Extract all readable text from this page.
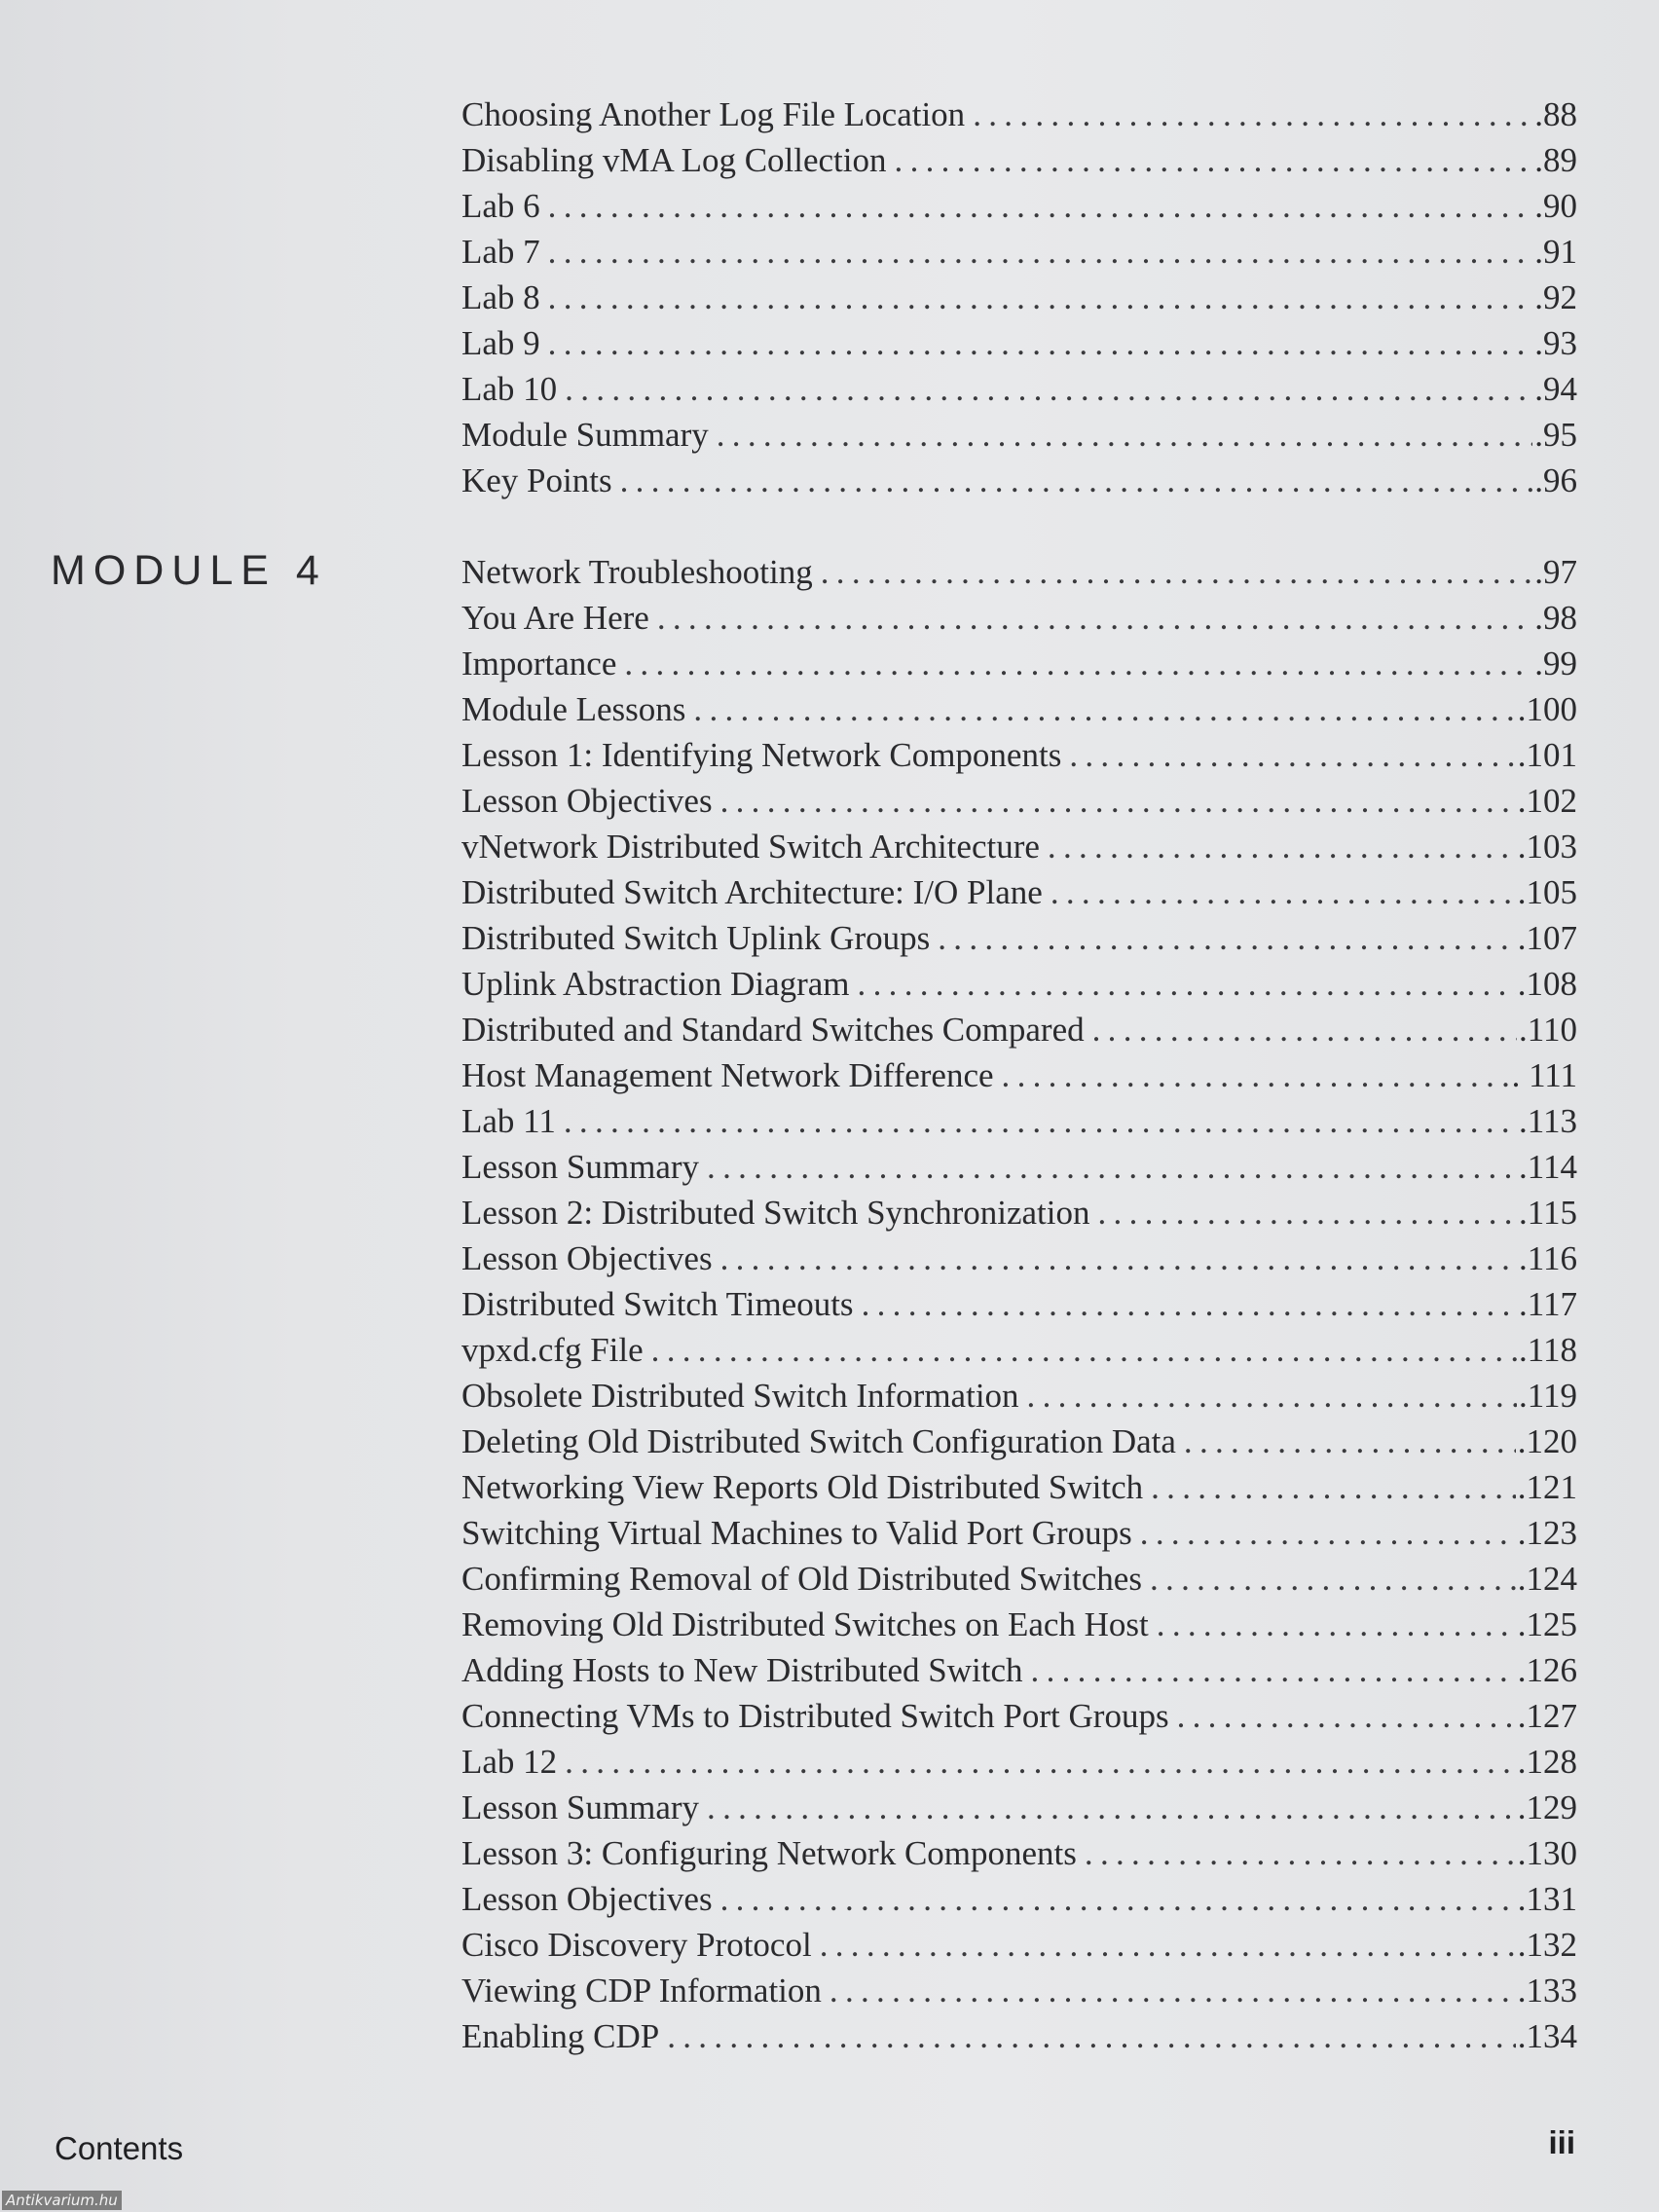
Choosing Another Log File Location .....	.88
Disabling vMA Log Collection .....	.89
Lab 6 .....	.90
Lab 7 .....	.91
Lab 8 .....	.92
Lab 9 .....	.93
Lab 10 .....	.94
Module Summary .....	.95
Key Points .....	.96
MODULE 4	Network Troubleshooting .....	.97
You Are Here .....	.98
Importance .....	.99
Module Lessons .....	.100
Lesson 1: Identifying Network Components .....	.101
Lesson Objectives .....	.102
vNetwork Distributed Switch Architecture .....	.103
Distributed Switch Architecture: I/O Plane .....	.105
Distributed Switch Uplink Groups .....	.107
Uplink Abstraction Diagram .....	.108
Distributed and Standard Switches Compared .....	.110
Host Management Network Difference .....	. 111
Lab 11 .....	.113
Lesson Summary .....	.114
Lesson 2: Distributed Switch Synchronization .....	.115
Lesson Objectives .....	.116
Distributed Switch Timeouts .....	.117
vpxd.cfg File .....	.118
Obsolete Distributed Switch Information .....	.119
Deleting Old Distributed Switch Configuration Data .....	.120
Networking View Reports Old Distributed Switch .....	.121
Switching Virtual Machines to Valid Port Groups .....	.123
Confirming Removal of Old Distributed Switches .....	.124
Removing Old Distributed Switches on Each Host .....	.125
Adding Hosts to New Distributed Switch .....	.126
Connecting VMs to Distributed Switch Port Groups .....	.127
Lab 12 .....	.128
Lesson Summary .....	.129
Lesson 3: Configuring Network Components .....	.130
Lesson Objectives .....	.131
Cisco Discovery Protocol .....	.132
Viewing CDP Information .....	.133
Enabling CDP .....	.134
Contents	iii
Antikvarium.hu
